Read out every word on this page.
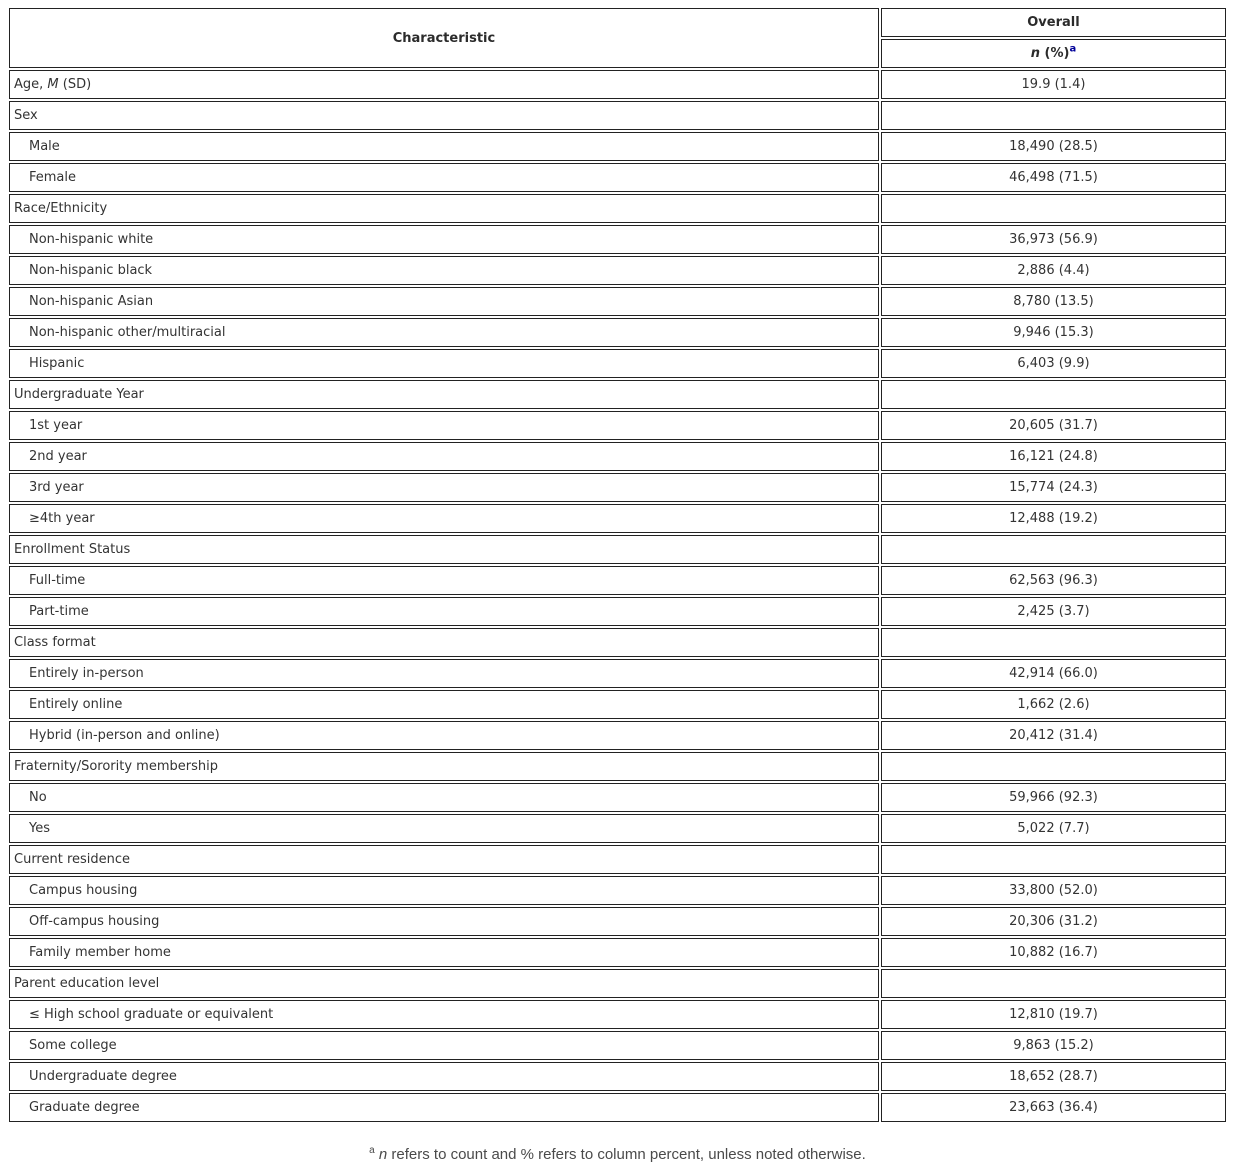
Characteristic	Overall
	n (%)$^a$
Age, M (SD)	19.9 (1.4)
Sex	
Male	18,490 (28.5)
Female	46,498 (71.5)
Race/Ethnicity	
Non-hispanic white	36,973 (56.9)
Non-hispanic black	2,886 (4.4)
Non-hispanic Asian	8,780 (13.5)
Non-hispanic other/multiracial	9,946 (15.3)
Hispanic	6,403 (9.9)
Undergraduate Year	
1st year	20,605 (31.7)
2nd year	16,121 (24.8)
3rd year	15,774 (24.3)
≥4th year	12,488 (19.2)
Enrollment Status	
Full-time	62,563 (96.3)
Part-time	2,425 (3.7)
Class format	
Entirely in-person	42,914 (66.0)
Entirely online	1,662 (2.6)
Hybrid (in-person and online)	20,412 (31.4)
Fraternity/Sorority membership	
No	59,966 (92.3)
Yes	5,022 (7.7)
Current residence	
Campus housing	33,800 (52.0)
Off-campus housing	20,306 (31.2)
Family member home	10,882 (16.7)
Parent education level	
≤ High school graduate or equivalent	12,810 (19.7)
Some college	9,863 (15.2)
Undergraduate degree	18,652 (28.7)
Graduate degree	23,663 (36.4)
$^a$ n refers to count and % refers to column percent, unless noted otherwise.
